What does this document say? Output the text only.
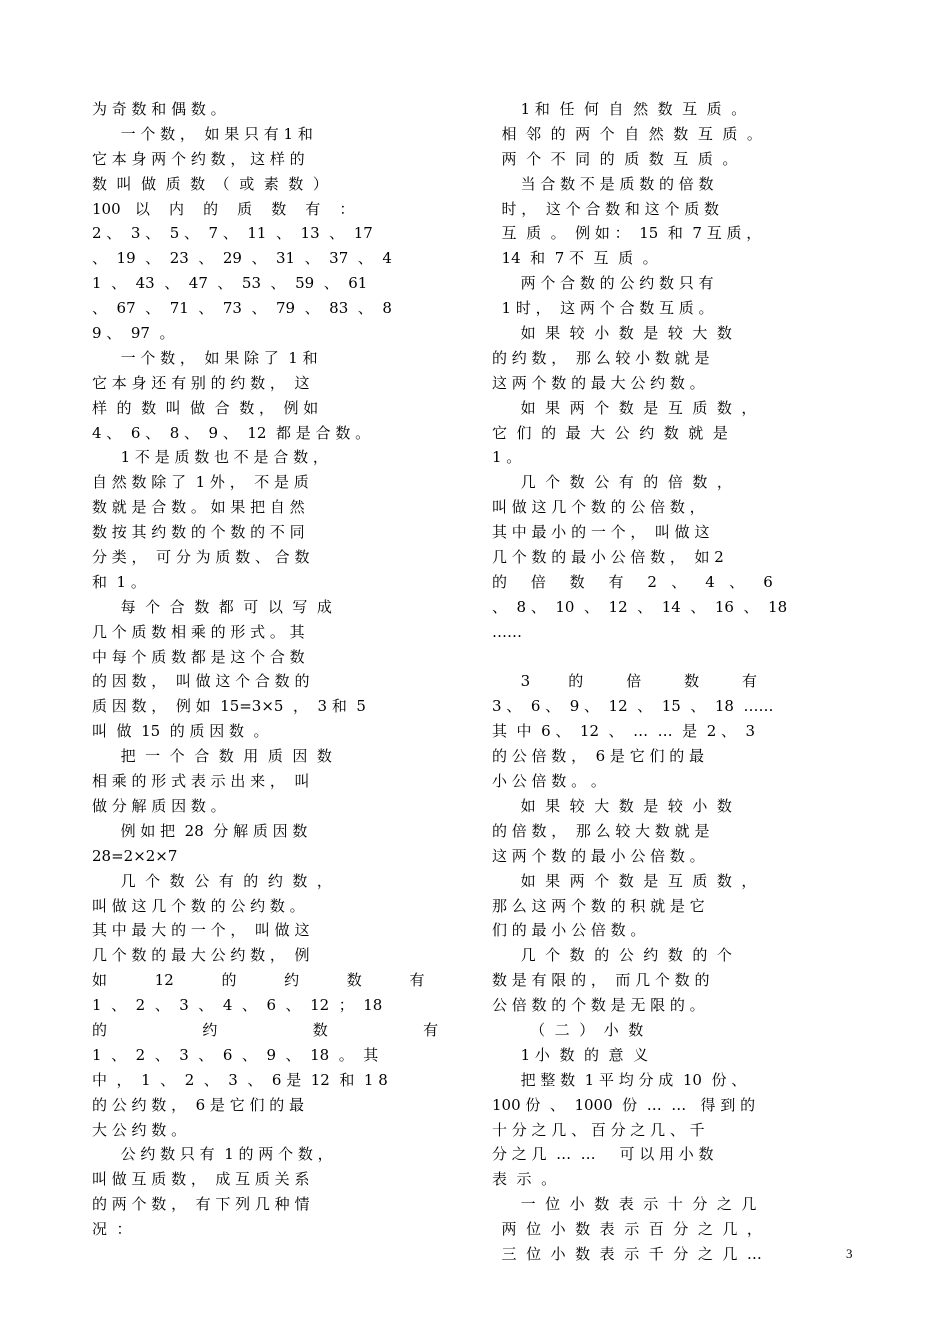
为 奇 数 和 偶 数 。
一 个 数 ，  如 果 只 有 1 和
它 本 身 两 个 约 数 ， 这 样 的
数  叫  做  质  数  （  或  素  数  ）
100   以    内    的    质    数    有    ：
2 、  3 、  5 、  7 、  11  、  13  、  17
、  19  、  23  、  29  、  31  、  37  、  4
1  、  43  、  47  、  53  、  59  、  61
、  67  、  71  、  73  、  79  、  83  、  8
9 、  97  。
一 个 数 ，  如 果 除 了  1 和
它 本 身 还 有 别 的 约 数 ，  这
样  的  数  叫  做  合  数 ，  例 如
4 、  6 、  8 、  9 、  12  都 是 合 数 。
1 不 是 质 数 也 不 是 合 数 ，
自 然 数 除 了  1 外 ，  不 是 质
数 就 是 合 数 。 如 果 把 自 然
数 按 其 约 数 的 个 数 的 不 同
分 类 ，  可 分 为 质 数 、 合 数
和  1 。
每  个  合  数  都  可  以  写  成
几 个 质 数 相 乘 的 形 式 。 其
中 每 个 质 数 都 是 这 个 合 数
的 因 数 ，  叫 做 这 个 合 数 的
质 因 数 ，  例 如  15=3×5  ，  3 和  5
叫  做  15  的 质 因 数  。
把  一  个  合  数  用  质  因  数
相 乘 的 形 式 表 示 出 来 ，  叫
做 分 解 质 因 数 。
例 如 把  28  分 解 质 因 数
28=2×2×7
几  个  数  公  有  的  约  数  ，
叫 做 这 几 个 数 的 公 约 数 。
其 中 最 大 的 一 个 ，  叫 做 这
几 个 数 的 最 大 公 约 数 ，  例
如          12          的          约          数          有
1  、  2  、  3  、  4  、  6  、  12  ；  18
的                    约                    数                    有
1  、  2  、  3  、  6  、  9  、  18  。  其
中  ，  1  、  2  、  3  、  6 是  12  和  1 8
的 公 约 数 ，  6 是 它 们 的 最
大 公 约 数 。
公 约 数 只 有  1 的 两 个 数 ，
叫 做 互 质 数 ，  成 互 质 关 系
的 两 个 数 ，  有 下 列 几 种 情
况  ：
1 和  任  何  自  然  数  互  质  。
相  邻  的  两  个  自  然  数  互  质  。
两  个  不  同  的  质  数  互  质  。
当 合 数 不 是 质 数 的 倍 数
时 ，  这 个 合 数 和 这 个 质 数
互  质  。  例 如 ：  15  和  7 互 质 ，
14  和  7 不  互  质  。
两 个 合 数 的 公 约 数 只 有
1 时 ，  这 两 个 合 数 互 质 。
如  果  较  小  数  是  较  大  数
的 约 数 ，  那 么 较 小 数 就 是
这 两 个 数 的 最 大 公 约 数 。
如  果  两  个  数  是  互  质  数  ，
它  们  的  最  大  公  约  数  就  是
1 。
几  个  数  公  有  的  倍  数  ，
叫 做 这 几 个 数 的 公 倍 数 ，
其 中 最 小 的 一 个 ，  叫 做 这
几 个 数 的 最 小 公 倍 数 ，  如 2
的     倍     数     有     2   、    4   、    6
、  8 、  10  、  12  、  14  、  16  、  18
……
3        的         倍         数         有
3 、  6 、  9 、  12  、  15  、  18  ……
其  中  6 、  12  、  …  …  是  2 、  3
的 公 倍 数 ，  6 是 它 们 的 最
小 公 倍 数 。 。
如  果  较  大  数  是  较  小  数
的 倍 数 ，  那 么 较 大 数 就 是
这 两 个 数 的 最 小 公 倍 数 。
如  果  两  个  数  是  互  质  数  ，
那 么 这 两 个 数 的 积 就 是 它
们 的 最 小 公 倍 数 。
几  个  数  的  公  约  数  的  个
数 是 有 限 的 ，  而 几 个 数 的
公 倍 数 的 个 数 是 无 限 的 。
（  二  ）  小  数
1 小  数  的  意  义
把 整 数  1 平 均 分 成  10  份 、
100 份  、  1000  份  …  …   得 到 的
十 分 之 几 、 百 分 之 几 、 千
分 之 几  …  …     可 以 用 小 数
表  示  。
一  位  小  数  表  示  十  分  之  几
两  位  小  数  表  示  百  分  之  几  ，
三  位  小  数  表  示  千  分  之  几  …	3
